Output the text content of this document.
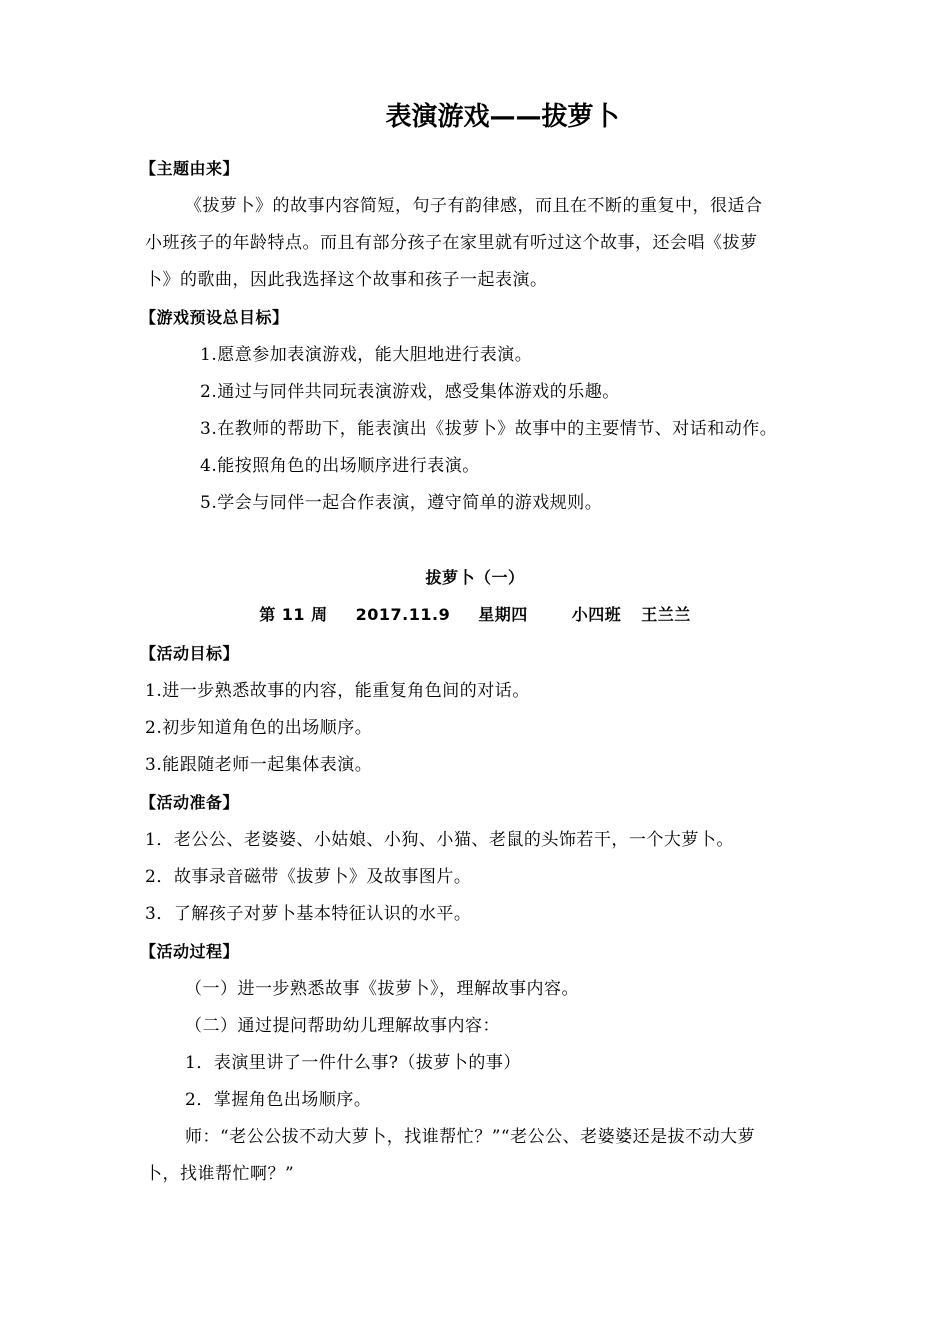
表演游戏——拔萝卜
【主题由来】
《拔萝卜》的故事内容简短，句子有韵律感，而且在不断的重复中，很适合
小班孩子的年龄特点。而且有部分孩子在家里就有听过这个故事，还会唱《拔萝
卜》的歌曲，因此我选择这个故事和孩子一起表演。
【游戏预设总目标】
1.愿意参加表演游戏，能大胆地进行表演。
2.通过与同伴共同玩表演游戏，感受集体游戏的乐趣。
3.在教师的帮助下，能表演出《拔萝卜》故事中的主要情节、对话和动作。
4.能按照角色的出场顺序进行表演。
5.学会与同伴一起合作表演，遵守简单的游戏规则。
拔萝卜（一）
第 11 周 2017.11.9 星期四	小四班 王兰兰
【活动目标】
1.进一步熟悉故事的内容，能重复角色间的对话。
2.初步知道角色的出场顺序。
3.能跟随老师一起集体表演。
【活动准备】
1．老公公、老婆婆、小姑娘、小狗、小猫、老鼠的头饰若干，一个大萝卜。
2．故事录音磁带《拔萝卜》及故事图片。
3．了解孩子对萝卜基本特征认识的水平。
【活动过程】
（一）进一步熟悉故事《拔萝卜》，理解故事内容。
（二）通过提问帮助幼儿理解故事内容：
1．表演里讲了一件什么事?（拔萝卜的事）
2．掌握角色出场顺序。
师：“老公公拔不动大萝卜，找谁帮忙？”“老公公、老婆婆还是拔不动大萝
卜，找谁帮忙啊？”
